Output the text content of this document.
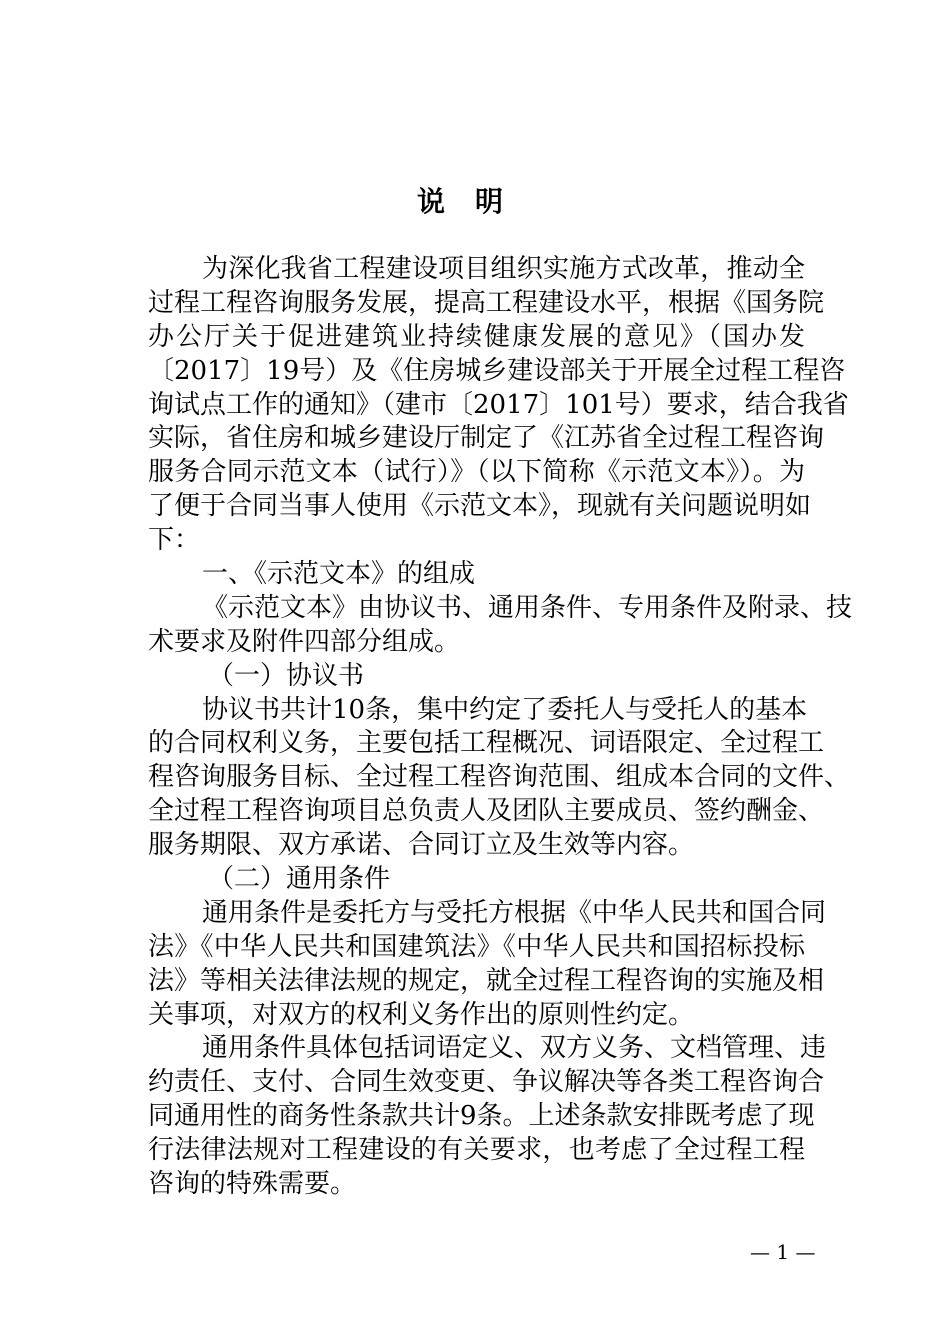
说明
为深化我省工程建设项目组织实施方式改革，推动全
过程工程咨询服务发展，提高工程建设水平，根据《国务院
办公厅关于促进建筑业持续健康发展的意见》（国办发
〔2017〕19号）及《住房城乡建设部关于开展全过程工程咨
询试点工作的通知》（建市〔2017〕101号）要求，结合我省
实际，省住房和城乡建设厅制定了《江苏省全过程工程咨询
服务合同示范文本（试行）》（以下简称《示范文本》）。为
了便于合同当事人使用《示范文本》，现就有关问题说明如
下：
一、《示范文本》的组成
《示范文本》由协议书、通用条件、专用条件及附录、技
术要求及附件四部分组成。
（一）协议书
协议书共计10条，集中约定了委托人与受托人的基本
的合同权利义务，主要包括工程概况、词语限定、全过程工
程咨询服务目标、全过程工程咨询范围、组成本合同的文件、
全过程工程咨询项目总负责人及团队主要成员、签约酬金、
服务期限、双方承诺、合同订立及生效等内容。
（二）通用条件
通用条件是委托方与受托方根据《中华人民共和国合同
法》《中华人民共和国建筑法》《中华人民共和国招标投标
法》等相关法律法规的规定，就全过程工程咨询的实施及相
关事项，对双方的权利义务作出的原则性约定。
通用条件具体包括词语定义、双方义务、文档管理、违
约责任、支付、合同生效变更、争议解决等各类工程咨询合
同通用性的商务性条款共计9条。上述条款安排既考虑了现
行法律法规对工程建设的有关要求，也考虑了全过程工程
咨询的特殊需要。
— 1 —
